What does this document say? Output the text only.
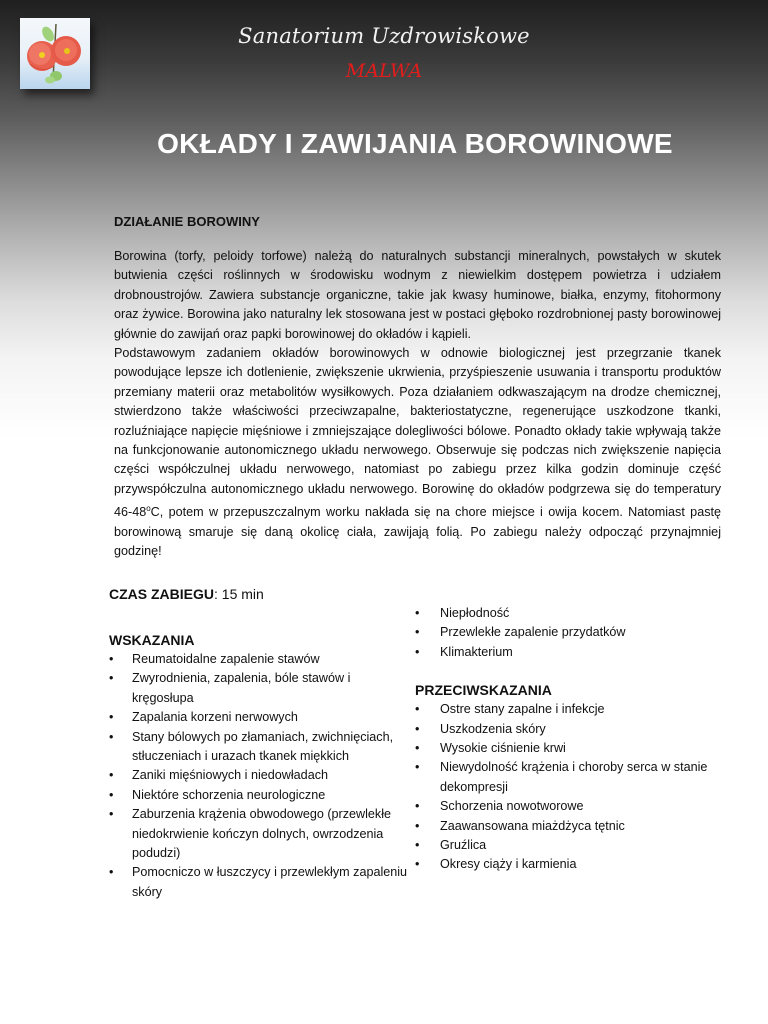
Sanatorium Uzdrowiskowe
MALWA
OKŁADY I ZAWIJANIA BOROWINOWE
DZIAŁANIE BOROWINY

Borowina (torfy, peloidy torfowe) należą do naturalnych substancji mineralnych, powstałych w skutek butwienia części roślinnych w środowisku wodnym z niewielkim dostępem powietrza i udziałem drobnoustrojów. Zawiera substancje organiczne, takie jak kwasy huminowe, białka, enzymy, fitohormony oraz żywice. Borowina jako naturalny lek stosowana jest w postaci głęboko rozdrobnionej pasty borowinowej głównie do zawijań oraz papki borowinowej do okładów i kąpieli.

Podstawowym zadaniem okładów borowinowych w odnowie biologicznej jest przegrzanie tkanek powodujące lepsze ich dotlenienie, zwiększenie ukrwienia, przyśpieszenie usuwania i transportu produktów przemiany materii oraz metabolitów wysiłkowych. Poza działaniem odkwaszającym na drodze chemicznej, stwierdzono także właściwości przeciwzapalne, bakteriostatyczne, regenerujące uszkodzone tkanki, rozluźniające napięcie mięśniowe i zmniejszające dolegliwości bólowe. Ponadto okłady takie wpływają także na funkcjonowanie autonomicznego układu nerwowego. Obserwuje się podczas nich zwiększenie napięcia części współczulnej układu nerwowego, natomiast po zabiegu przez kilka godzin dominuje część przywspółczulna autonomicznego układu nerwowego. Borowinę do okładów podgrzewa się do temperatury 46-48$^o$C, potem w przepuszczalnym worku nakłada się na chore miejsce i owija kocem. Natomiast pastę borowinową smaruje się daną okolicę ciała, zawijają folią. Po zabiegu należy odpocząć przynajmniej godzinę!

CZAS ZABIEGU: 15 min
WSKAZANIA
• Reumatoidalne zapalenie stawów
• Zwyrodnienia, zapalenia, bóle stawów i kręgosłupa
• Zapalania korzeni nerwowych
• Stany bólowych po złamaniach, zwichnięciach, stłuczeniach i urazach tkanek miękkich
• Zaniki mięśniowych i niedowładach
• Niektóre schorzenia neurologiczne
• Zaburzenia krążenia obwodowego (przewlekłe niedokrwienie kończyn dolnych, owrzodzenia podudzi)
• Pomocniczo w łuszczycy i przewlekłym zapaleniu skóry
• Niepłodność
• Przewlekłe zapalenie przydatków
• Klimakterium
PRZECIWSKAZANIA
• Ostre stany zapalne i infekcje
• Uszkodzenia skóry
• Wysokie ciśnienie krwi
• Niewydolność krążenia i choroby serca w stanie dekompresji
• Schorzenia nowotworowe
• Zaawansowana miażdżyca tętnic
• Gruźlica
• Okresy ciąży i karmienia
